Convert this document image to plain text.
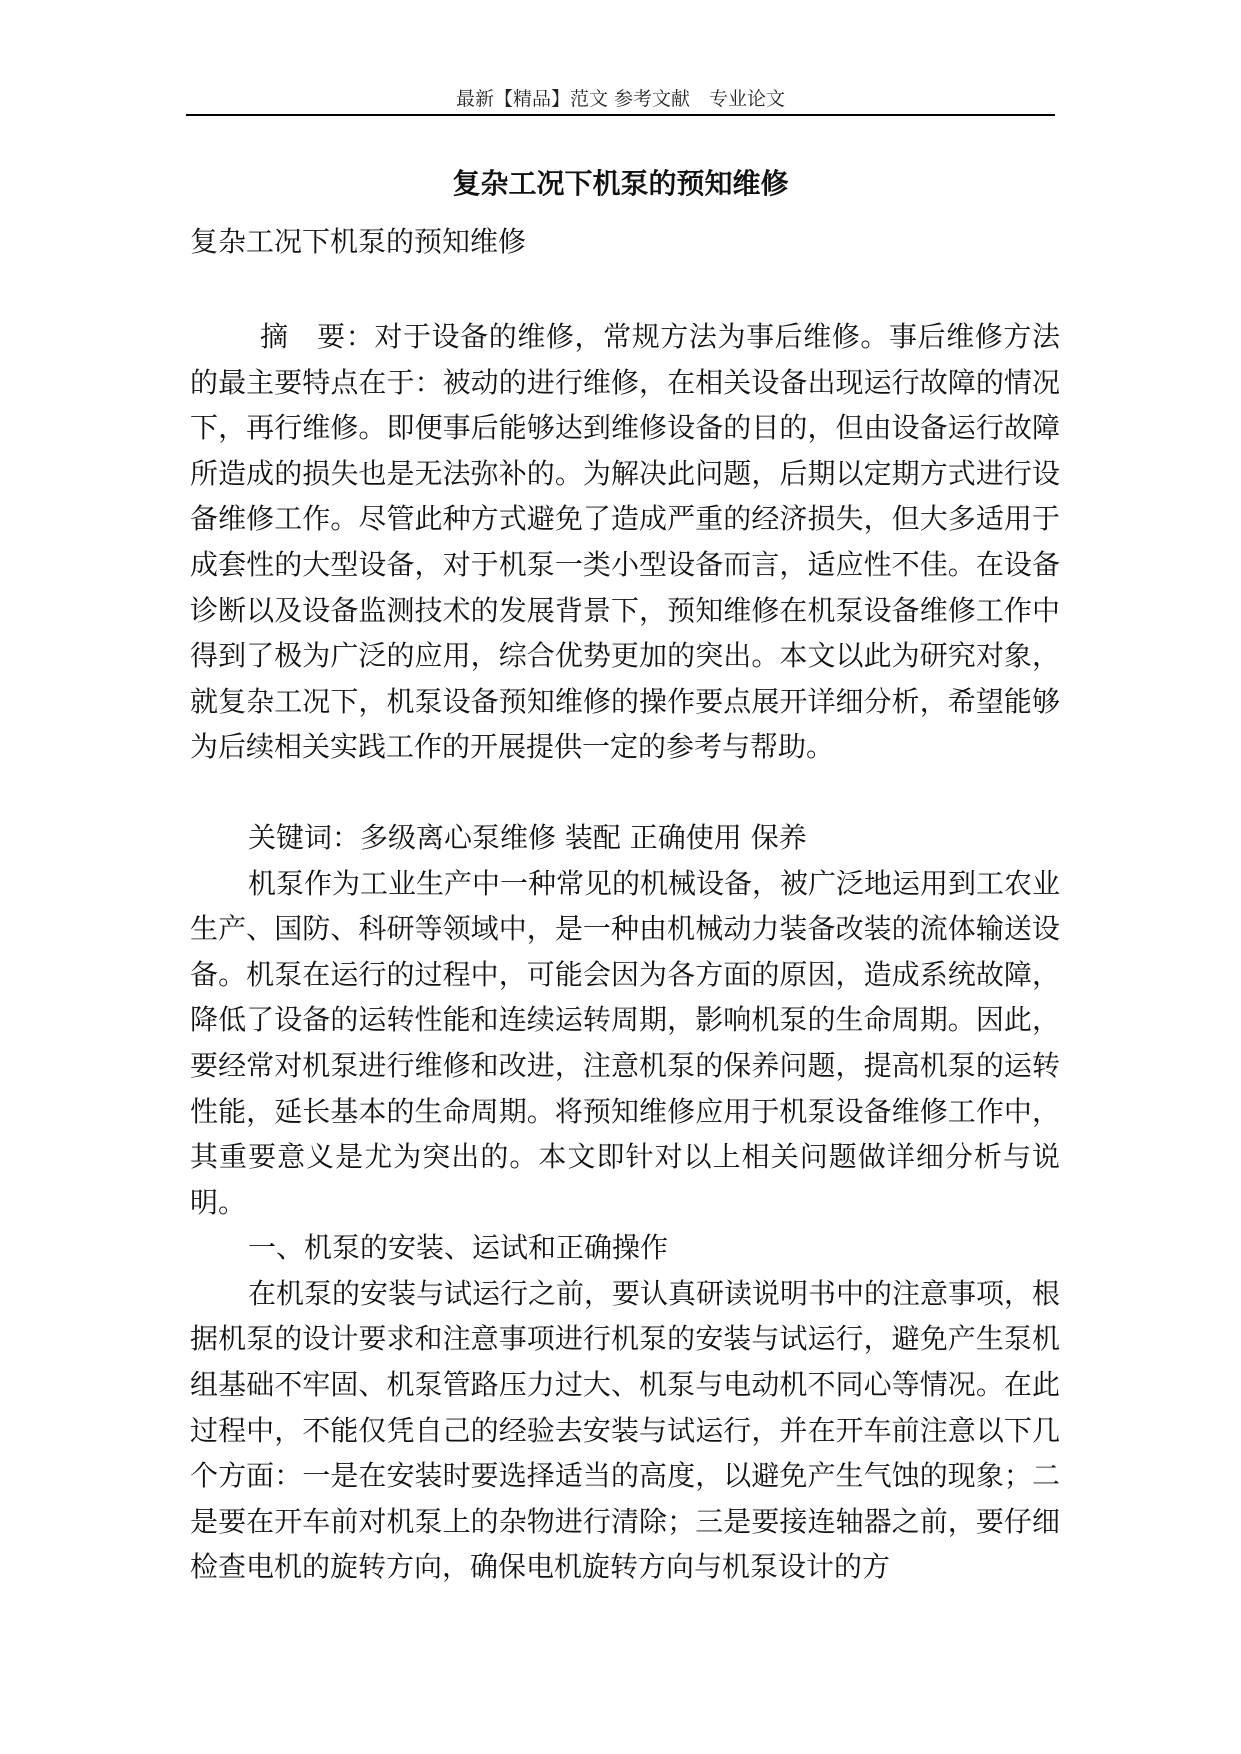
最新【精品】范文 参考文献　专业论文
复杂工况下机泵的预知维修

复杂工况下机泵的预知维修

摘　要：对于设备的维修，常规方法为事后维修。事后维修方法的最主要特点在于：被动的进行维修，在相关设备出现运行故障的情况下，再行维修。即便事后能够达到维修设备的目的，但由设备运行故障所造成的损失也是无法弥补的。为解决此问题，后期以定期方式进行设备维修工作。尽管此种方式避免了造成严重的经济损失，但大多适用于成套性的大型设备，对于机泵一类小型设备而言，适应性不佳。在设备诊断以及设备监测技术的发展背景下，预知维修在机泵设备维修工作中得到了极为广泛的应用，综合优势更加的突出。本文以此为研究对象，就复杂工况下，机泵设备预知维修的操作要点展开详细分析，希望能够为后续相关实践工作的开展提供一定的参考与帮助。

关键词：多级离心泵维修 装配 正确使用 保养

机泵作为工业生产中一种常见的机械设备，被广泛地运用到工农业生产、国防、科研等领域中，是一种由机械动力装备改装的流体输送设备。机泵在运行的过程中，可能会因为各方面的原因，造成系统故障，降低了设备的运转性能和连续运转周期，影响机泵的生命周期。因此，要经常对机泵进行维修和改进，注意机泵的保养问题，提高机泵的运转性能，延长基本的生命周期。将预知维修应用于机泵设备维修工作中，其重要意义是尤为突出的。本文即针对以上相关问题做详细分析与说明。

一、机泵的安装、运试和正确操作

在机泵的安装与试运行之前，要认真研读说明书中的注意事项，根据机泵的设计要求和注意事项进行机泵的安装与试运行，避免产生泵机组基础不牢固、机泵管路压力过大、机泵与电动机不同心等情况。在此过程中，不能仅凭自己的经验去安装与试运行，并在开车前注意以下几个方面：一是在安装时要选择适当的高度，以避免产生气蚀的现象；二是要在开车前对机泵上的杂物进行清除；三是要接连轴器之前，要仔细检查电机的旋转方向，确保电机旋转方向与机泵设计的方
